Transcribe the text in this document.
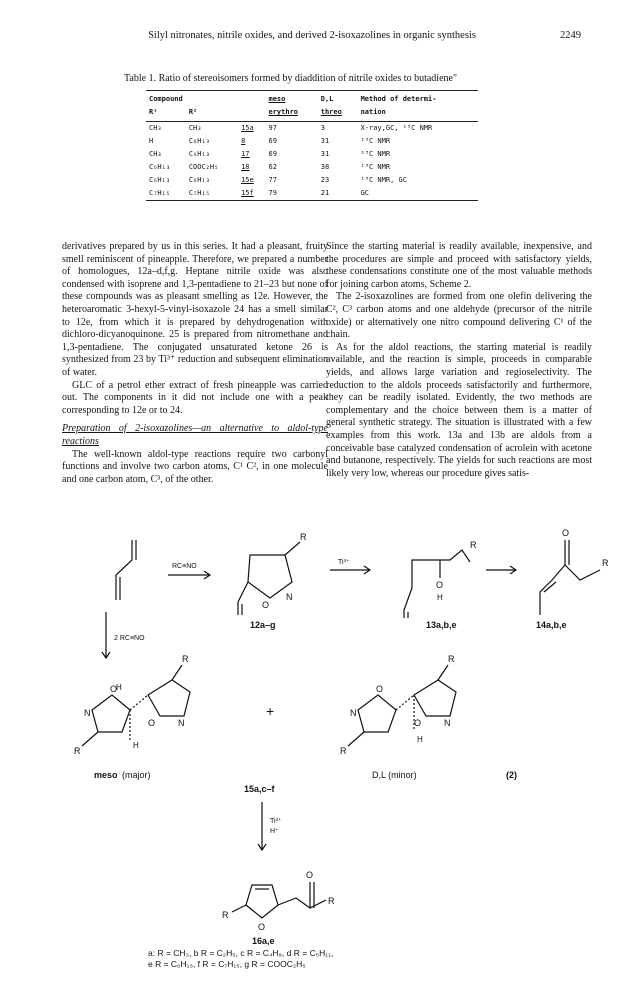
Silyl nitronates, nitrile oxides, and derived 2-isoxazolines in organic synthesis	2249
Table 1. Ratio of stereoisomers formed by diaddition of nitrile oxides to butadiene"
Compound			meso	D,L	Method of determi-
R¹	R²		erythro	threo	nation
CH₃	CH₃	15a	97	3	X-ray,GC, ¹³C NMR
H	C₆H₁₃	8	69	31	¹³C NMR
CH₃	C₆H₁₃	17	69	31	¹³C NMR
C₆H₁₃	COOC₂H₅	18	62	38	¹³C NMR
C₆H₁₃	C₆H₁₃	15e	77	23	¹³C NMR, GC
C₇H₁₅	C₇H₁₅	15f	79	21	GC

derivatives prepared by us in this series. It had a pleasant, fruity smell reminiscent of pineapple. Therefore, we prepared a number of homologues, 12a–d,f,g. Heptane nitrile oxide was also condensed with isoprene and 1,3-pentadiene to 21–23 but none of these compounds was as pleasant smelling as 12e. However, the heteroaromatic 3-hexyl-5-vinyl-isoxazole 24 has a smell similar to 12e, from which it is prepared by dehydrogenation with dichloro-dicyanoquinone. 25 is prepared from nitromethane and 1,3-pentadiene. The conjugated unsaturated ketone 26 is synthesized from 23 by Ti³⁺ reduction and subsequent elimination of water.

GLC of a petrol ether extract of fresh pineapple was carried out. The components in it did not include one with a peak corresponding to 12e or to 24.

Preparation of 2-isoxazolines—an alternative to aldol-type reactions

The well-known aldol-type reactions require two carbonyl functions and involve two carbon atoms, C¹ C², in one molecule and one carbon atom, C³, of the other.

Since the starting material is readily available, inexpensive, and the procedures are simple and proceed with satisfactory yields, these condensations constitute one of the most valuable methods for joining carbon atoms, Scheme 2.

The 2-isoxazolines are formed from one olefin delivering the C², C³ carbon atoms and one aldehyde (precursor of the nitrile oxide) or alternatively one nitro compound delivering C¹ of the chain.

As for the aldol reactions, the starting material is readily available, and the reaction is simple, proceeds in comparable yields, and allows large variation and regioselectivity. The reduction to the aldols proceeds satisfactorily and furthermore, they can be readily isolated. Evidently, the two methods are complementary and the choice between them is a matter of general synthetic strategy. The situation is illustrated with a few examples from this work. 13a and 13b are aldols from a conceivable base catalyzed condensation of acrolein with acetone and butanone, respectively. The yields for such reactions are most likely very low, whereas our procedure gives satis-

RC≡NO
Ti³⁺
2 RC≡NO
Ti³⁺
H⁺
R
O
N
R
O
H
O
R
12a–g	13a,b,e	14a,b,e
R
R
N
O
O	N
H
H
+
R
R
N
O
O	N
H
meso (major)	D,L (minor)	(2)
15a,c–f
O
O
R
R
16a,e
a: R = CH₃, b R = C₂H₅, c R = C₄H₉, d R = C₅H₁₁,
e R = C₆H₁₃, f R = C₇H₁₅, g R = COOC₂H₅
